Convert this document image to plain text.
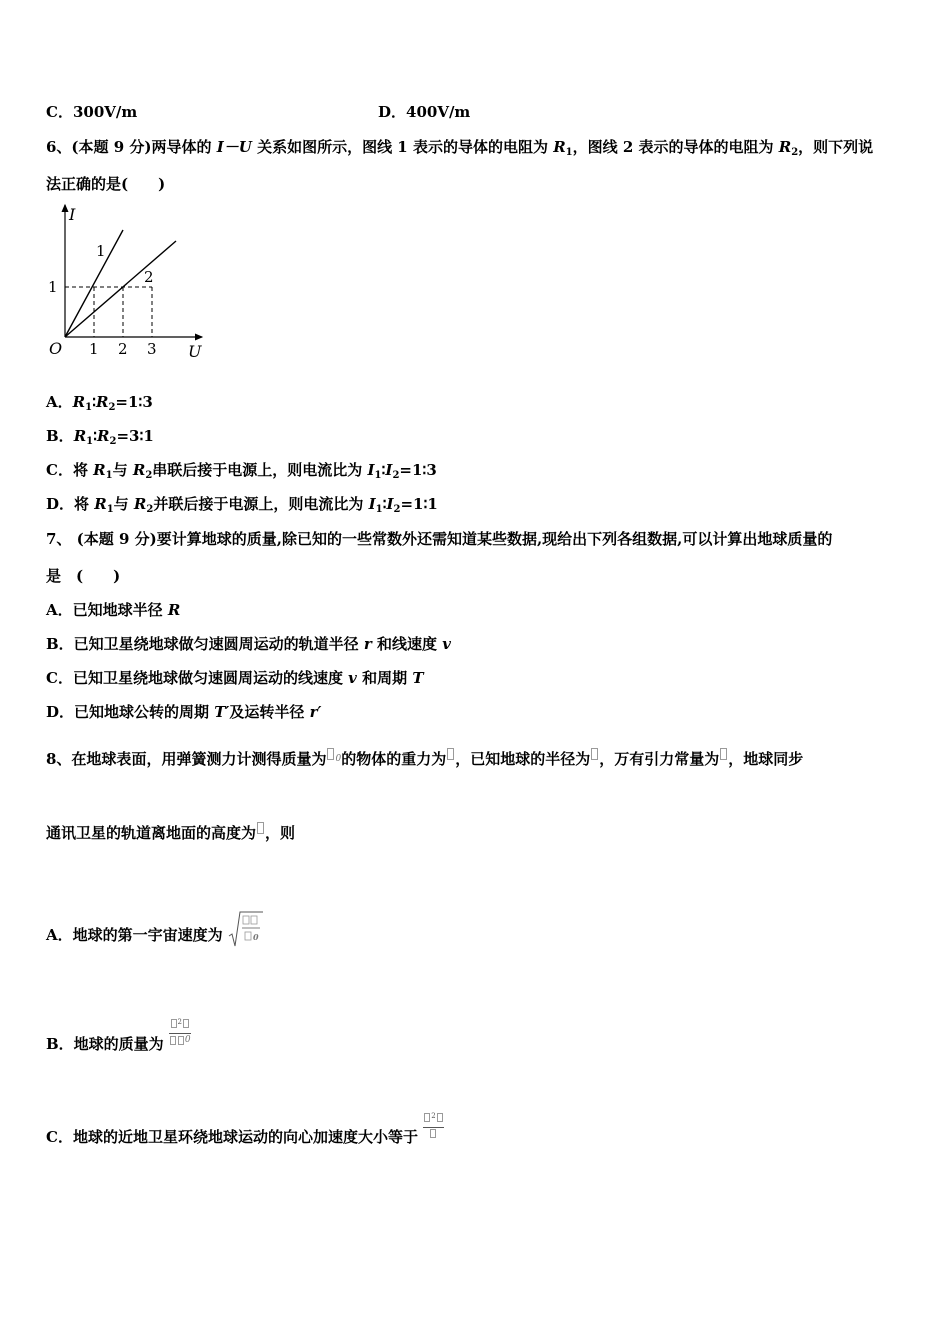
C．300V/m	D．400V/m
6、(本题 9 分)两导体的 I－U 关系如图所示，图线 1 表示的导体的电阻为 $R_1$，图线 2 表示的导体的电阻为 $R_2$，则下列说
法正确的是(　　)
I
U
O 1 2 3
1
1
2
A．$R_1∶R_2=1∶3$
B．$R_1∶R_2=3∶1$
C．将 $R_1$与 $R_2$串联后接于电源上，则电流比为 $I_1∶I_2=1∶3$
D．将 $R_1$与 $R_2$并联后接于电源上，则电流比为 $I_1∶I_2=1∶1$
7、 (本题 9 分)要计算地球的质量,除已知的一些常数外还需知道某些数据,现给出下列各组数据,可以计算出地球质量的
是　(　　)
A．已知地球半径 R
B．已知卫星绕地球做匀速圆周运动的轨道半径 r 和线速度 v
C．已知卫星绕地球做匀速圆周运动的线速度 v 和周期 T
D．已知地球公转的周期 T′及运转半径 r′
8、在地球表面，用弹簧测力计测得质量为 $^0$的物体的重力为 ，已知地球的半径为 ，万有引力常量为 ，地球同步
通讯卫星的轨道离地面的高度为 ，则
A．地球的第一宇宙速度为	0
B．地球的质量为 $\frac{^2}{0}$
C．地球的近地卫星环绕地球运动的向心加速度大小等于
$^2$
